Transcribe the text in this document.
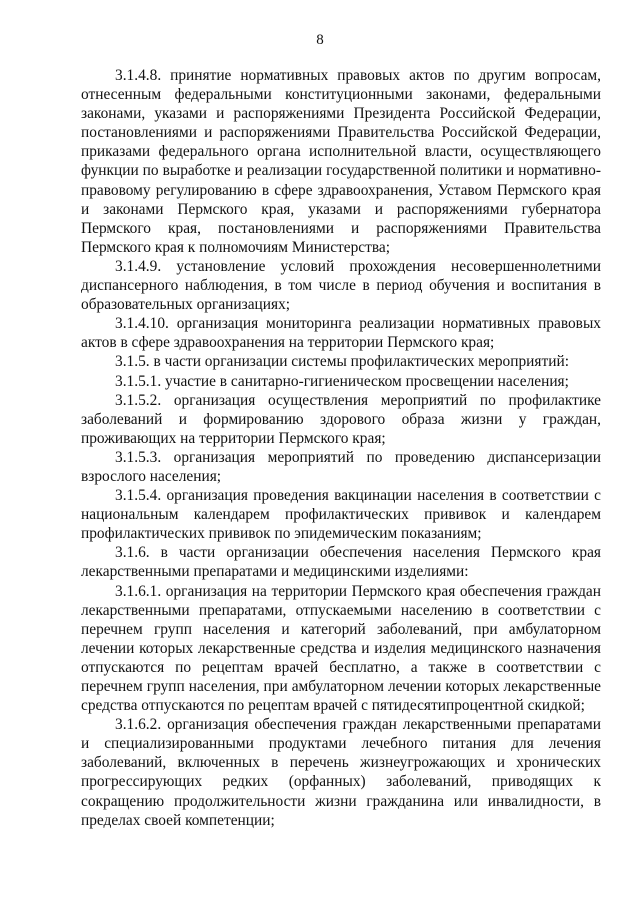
8

3.1.4.8. принятие нормативных правовых актов по другим вопросам, отнесенным федеральными конституционными законами, федеральными законами, указами и распоряжениями Президента Российской Федерации, постановлениями и распоряжениями Правительства Российской Федерации, приказами федерального органа исполнительной власти, осуществляющего функции по выработке и реализации государственной политики и нормативно-правовому регулированию в сфере здравоохранения, Уставом Пермского края и законами Пермского края, указами и распоряжениями губернатора Пермского края, постановлениями и распоряжениями Правительства Пермского края к полномочиям Министерства;

3.1.4.9. установление условий прохождения несовершеннолетними диспансерного наблюдения, в том числе в период обучения и воспитания в образовательных организациях;

3.1.4.10. организация мониторинга реализации нормативных правовых актов в сфере здравоохранения на территории Пермского края;

3.1.5. в части организации системы профилактических мероприятий:

3.1.5.1. участие в санитарно-гигиеническом просвещении населения;

3.1.5.2. организация осуществления мероприятий по профилактике заболеваний и формированию здорового образа жизни у граждан, проживающих на территории Пермского края;

3.1.5.3. организация мероприятий по проведению диспансеризации взрослого населения;

3.1.5.4. организация проведения вакцинации населения в соответствии с национальным календарем профилактических прививок и календарем профилактических прививок по эпидемическим показаниям;

3.1.6. в части организации обеспечения населения Пермского края лекарственными препаратами и медицинскими изделиями:

3.1.6.1. организация на территории Пермского края обеспечения граждан лекарственными препаратами, отпускаемыми населению в соответствии с перечнем групп населения и категорий заболеваний, при амбулаторном лечении которых лекарственные средства и изделия медицинского назначения отпускаются по рецептам врачей бесплатно, а также в соответствии с перечнем групп населения, при амбулаторном лечении которых лекарственные средства отпускаются по рецептам врачей с пятидесятипроцентной скидкой;

3.1.6.2. организация обеспечения граждан лекарственными препаратами и специализированными продуктами лечебного питания для лечения заболеваний, включенных в перечень жизнеугрожающих и хронических прогрессирующих редких (орфанных) заболеваний, приводящих к сокращению продолжительности жизни гражданина или инвалидности, в пределах своей компетенции;
